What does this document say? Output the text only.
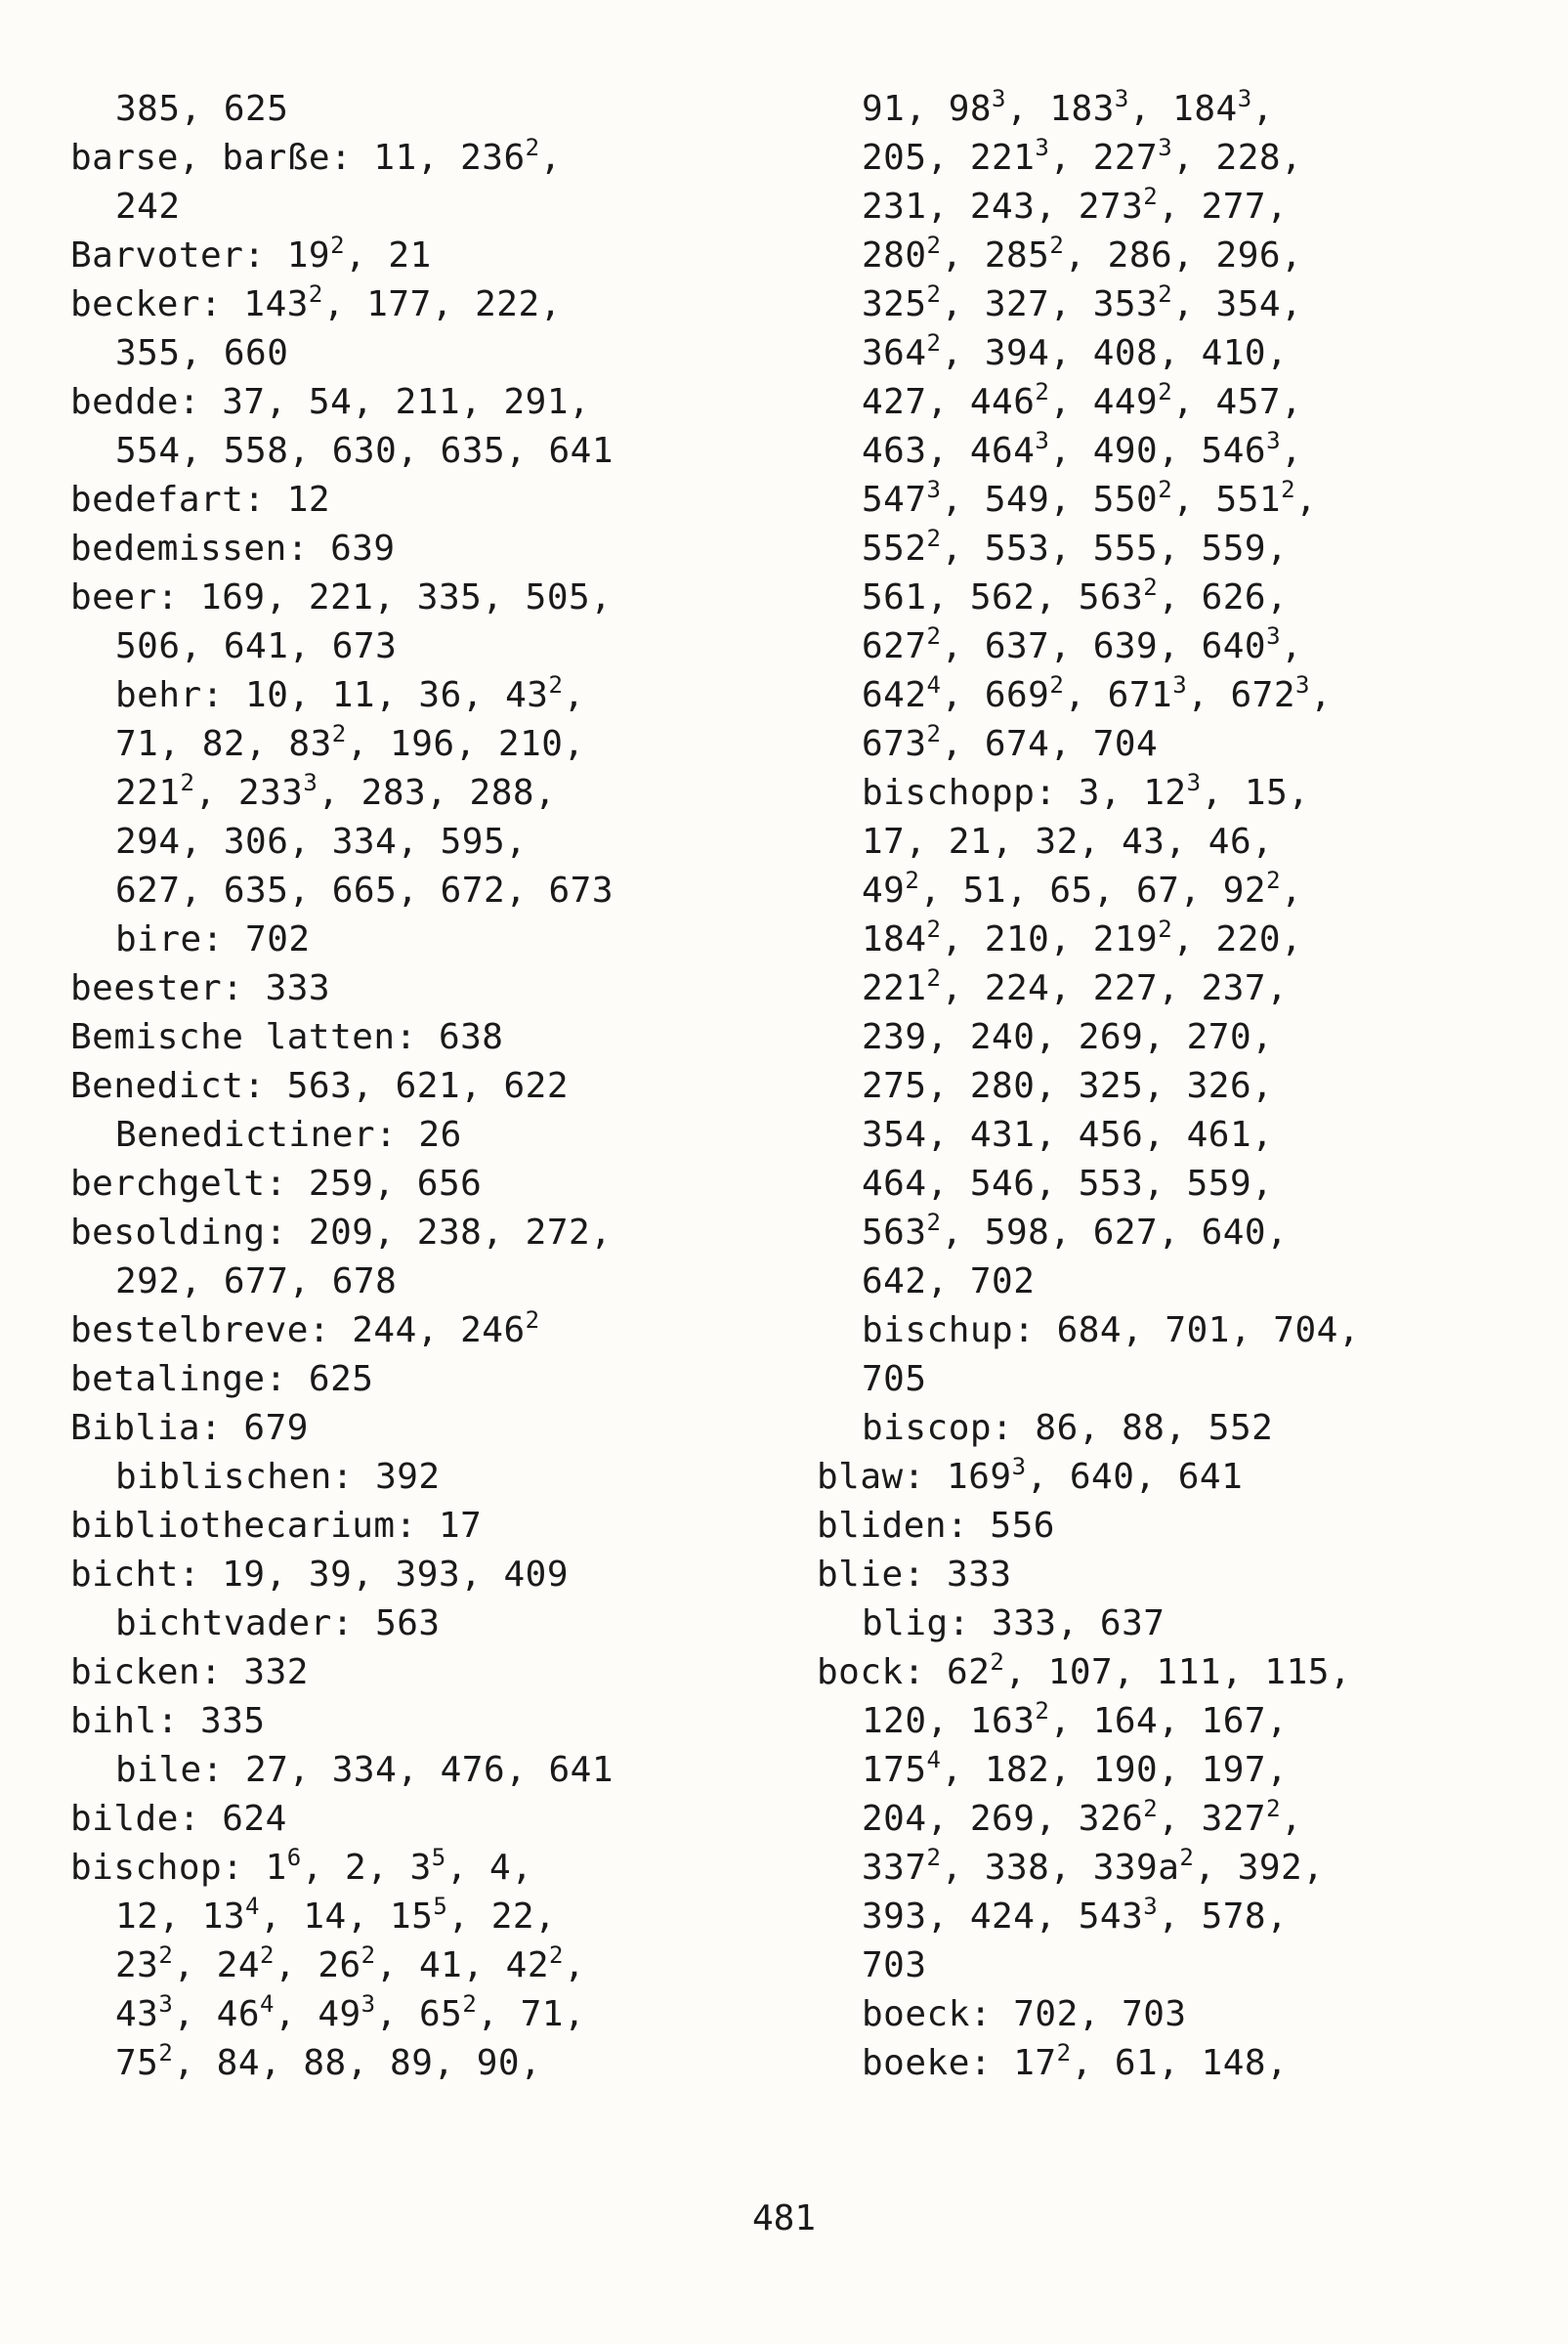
385, 625
barse, barße: 11, $236^2$,
242
Barvoter: $19^2$, 21
becker: $143^2$, 177, 222,
355, 660
bedde: 37, 54, 211, 291,
554, 558, 630, 635, 641
bedefart: 12
bedemissen: 639
beer: 169, 221, 335, 505,
506, 641, 673
behr: 10, 11, 36, $43^2$,
71, 82, $83^2$, 196, 210,
$221^2$, $233^3$, 283, 288,
294, 306, 334, 595,
627, 635, 665, 672, 673
bire: 702
beester: 333
Bemische latten: 638
Benedict: 563, 621, 622
Benedictiner: 26
berchgelt: 259, 656
besolding: 209, 238, 272,
292, 677, 678
bestelbreve: 244, $246^2$
betalinge: 625
Biblia: 679
biblischen: 392
bibliothecarium: 17
bicht: 19, 39, 393, 409
bichtvader: 563
bicken: 332
bihl: 335
bile: 27, 334, 476, 641
bilde: 624
bischop: $1^6$, 2, $3^5$, 4,
12, $13^4$, 14, $15^5$, 22,
$23^2$, $24^2$, $26^2$, 41, $42^2$,
$43^3$, $46^4$, $49^3$, $65^2$, 71,
$75^2$, 84, 88, 89, 90,
91, $98^3$, $183^3$, $184^3$,
205, $221^3$, $227^3$, 228,
231, 243, $273^2$, 277,
$280^2$, $285^2$, 286, 296,
$325^2$, 327, $353^2$, 354,
$364^2$, 394, 408, 410,
427, $446^2$, $449^2$, 457,
463, $464^3$, 490, $546^3$,
$547^3$, 549, $550^2$, $551^2$,
$552^2$, 553, 555, 559,
561, 562, $563^2$, 626,
$627^2$, 637, 639, $640^3$,
$642^4$, $669^2$, $671^3$, $672^3$,
$673^2$, 674, 704
bischopp: 3, $12^3$, 15,
17, 21, 32, 43, 46,
$49^2$, 51, 65, 67, $92^2$,
$184^2$, 210, $219^2$, 220,
$221^2$, 224, 227, 237,
239, 240, 269, 270,
275, 280, 325, 326,
354, 431, 456, 461,
464, 546, 553, 559,
$563^2$, 598, 627, 640,
642, 702
bischup: 684, 701, 704,
705
biscop: 86, 88, 552
blaw: $169^3$, 640, 641
bliden: 556
blie: 333
blig: 333, 637
bock: $62^2$, 107, 111, 115,
120, $163^2$, 164, 167,
$175^4$, 182, 190, 197,
204, 269, $326^2$, $327^2$,
$337^2$, 338, $339a^2$, 392,
393, 424, $543^3$, 578,
703
boeck: 702, 703
boeke: $17^2$, 61, 148,
481
